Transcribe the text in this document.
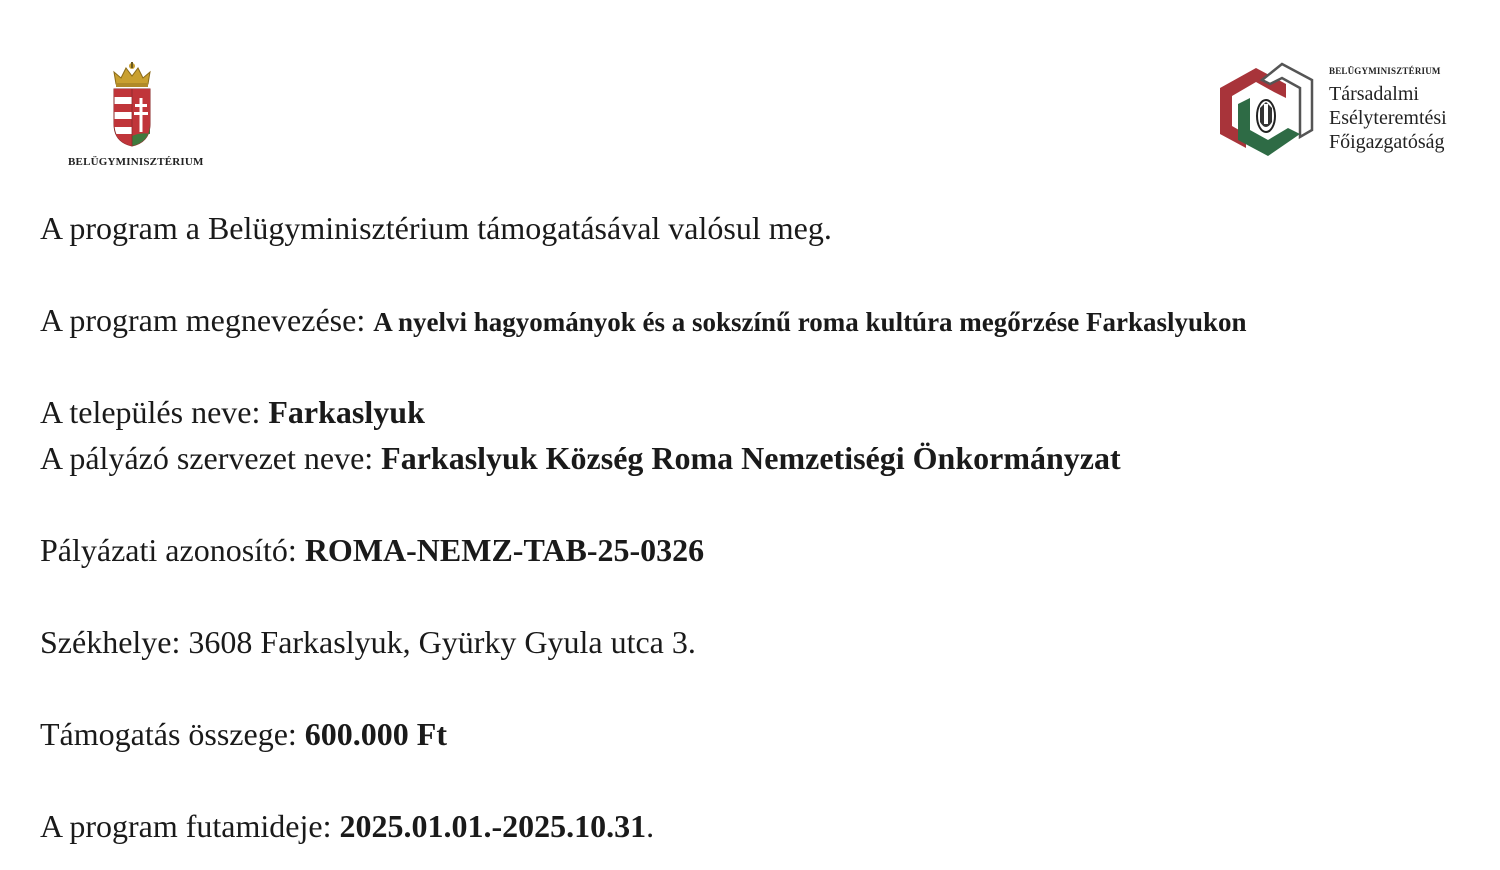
BELÜGYMINISZTÉRIUM
BELÜGYMINISZTÉRIUM
Társadalmi
Esélyteremtési
Főigazgatóság
A program a Belügyminisztérium támogatásával valósul meg.
A program megnevezése: A nyelvi hagyományok és a sokszínű roma kultúra megőrzése Farkaslyukon
A település neve: Farkaslyuk
A pályázó szervezet neve: Farkaslyuk Község Roma Nemzetiségi Önkormányzat
Pályázati azonosító: ROMA-NEMZ-TAB-25-0326
Székhelye: 3608 Farkaslyuk, Gyürky Gyula utca 3.
Támogatás összege: 600.000 Ft
A program futamideje: 2025.01.01.-2025.10.31.
